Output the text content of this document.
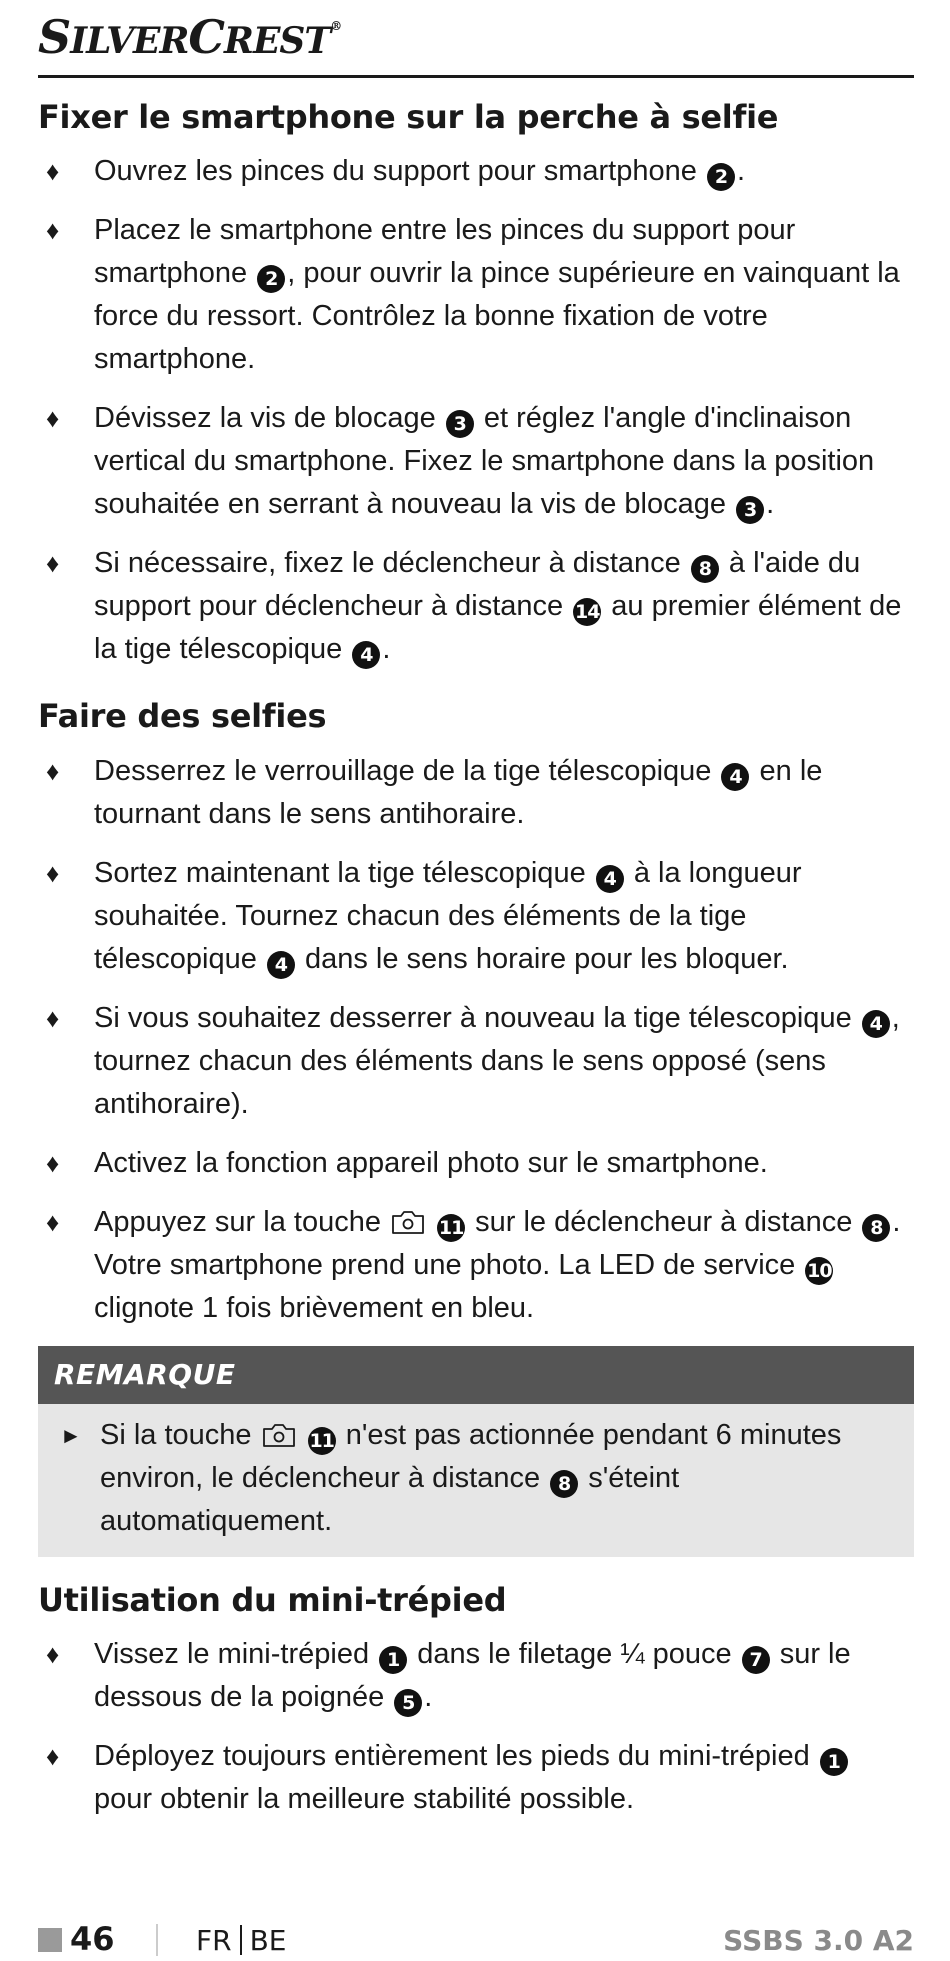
SILVERCREST®
Fixer le smartphone sur la perche à selfie
♦ Ouvrez les pinces du support pour smartphone 2 .
♦ Placez le smartphone entre les pinces du support pour smartphone 2 , pour ouvrir la pince supérieure en vainquant la force du ressort. Contrôlez la bonne fixation de votre smartphone.
♦ Dévissez la vis de blocage 3 et réglez l'angle d'inclinaison vertical du smartphone. Fixez le smartphone dans la position souhaitée en serrant à nouveau la vis de blocage 3 .
♦ Si nécessaire, fixez le déclencheur à distance 8 à l'aide du support pour déclencheur à distance 14 au premier élément de la tige télescopique 4 .
Faire des selfies
♦ Desserrez le verrouillage de la tige télescopique 4 en le tournant dans le sens antihoraire.
♦ Sortez maintenant la tige télescopique 4 à la longueur souhaitée. Tournez chacun des éléments de la tige télescopique 4 dans le sens horaire pour les bloquer.
♦ Si vous souhaitez desserrer à nouveau la tige télescopique 4 , tournez chacun des éléments dans le sens opposé (sens antihoraire).
♦ Activez la fonction appareil photo sur le smartphone.
♦ Appuyez sur la touche	11 sur le déclencheur à distance 8 . Votre smartphone prend une photo. La LED de service 10 clignote 1 fois brièvement en bleu.
REMARQUE
► Si la touche	11 n'est pas actionnée pendant 6 minutes environ, le déclencheur à distance 8 s'éteint automatiquement.
Utilisation du mini-trépied
♦ Vissez le mini-trépied 1 dans le filetage ¼ pouce 7 sur le dessous de la poignée 5 .
♦ Déployez toujours entièrement les pieds du mini-trépied 1 pour obtenir la meilleure stabilité possible.
46	FR BE	SSBS 3.0 A2
